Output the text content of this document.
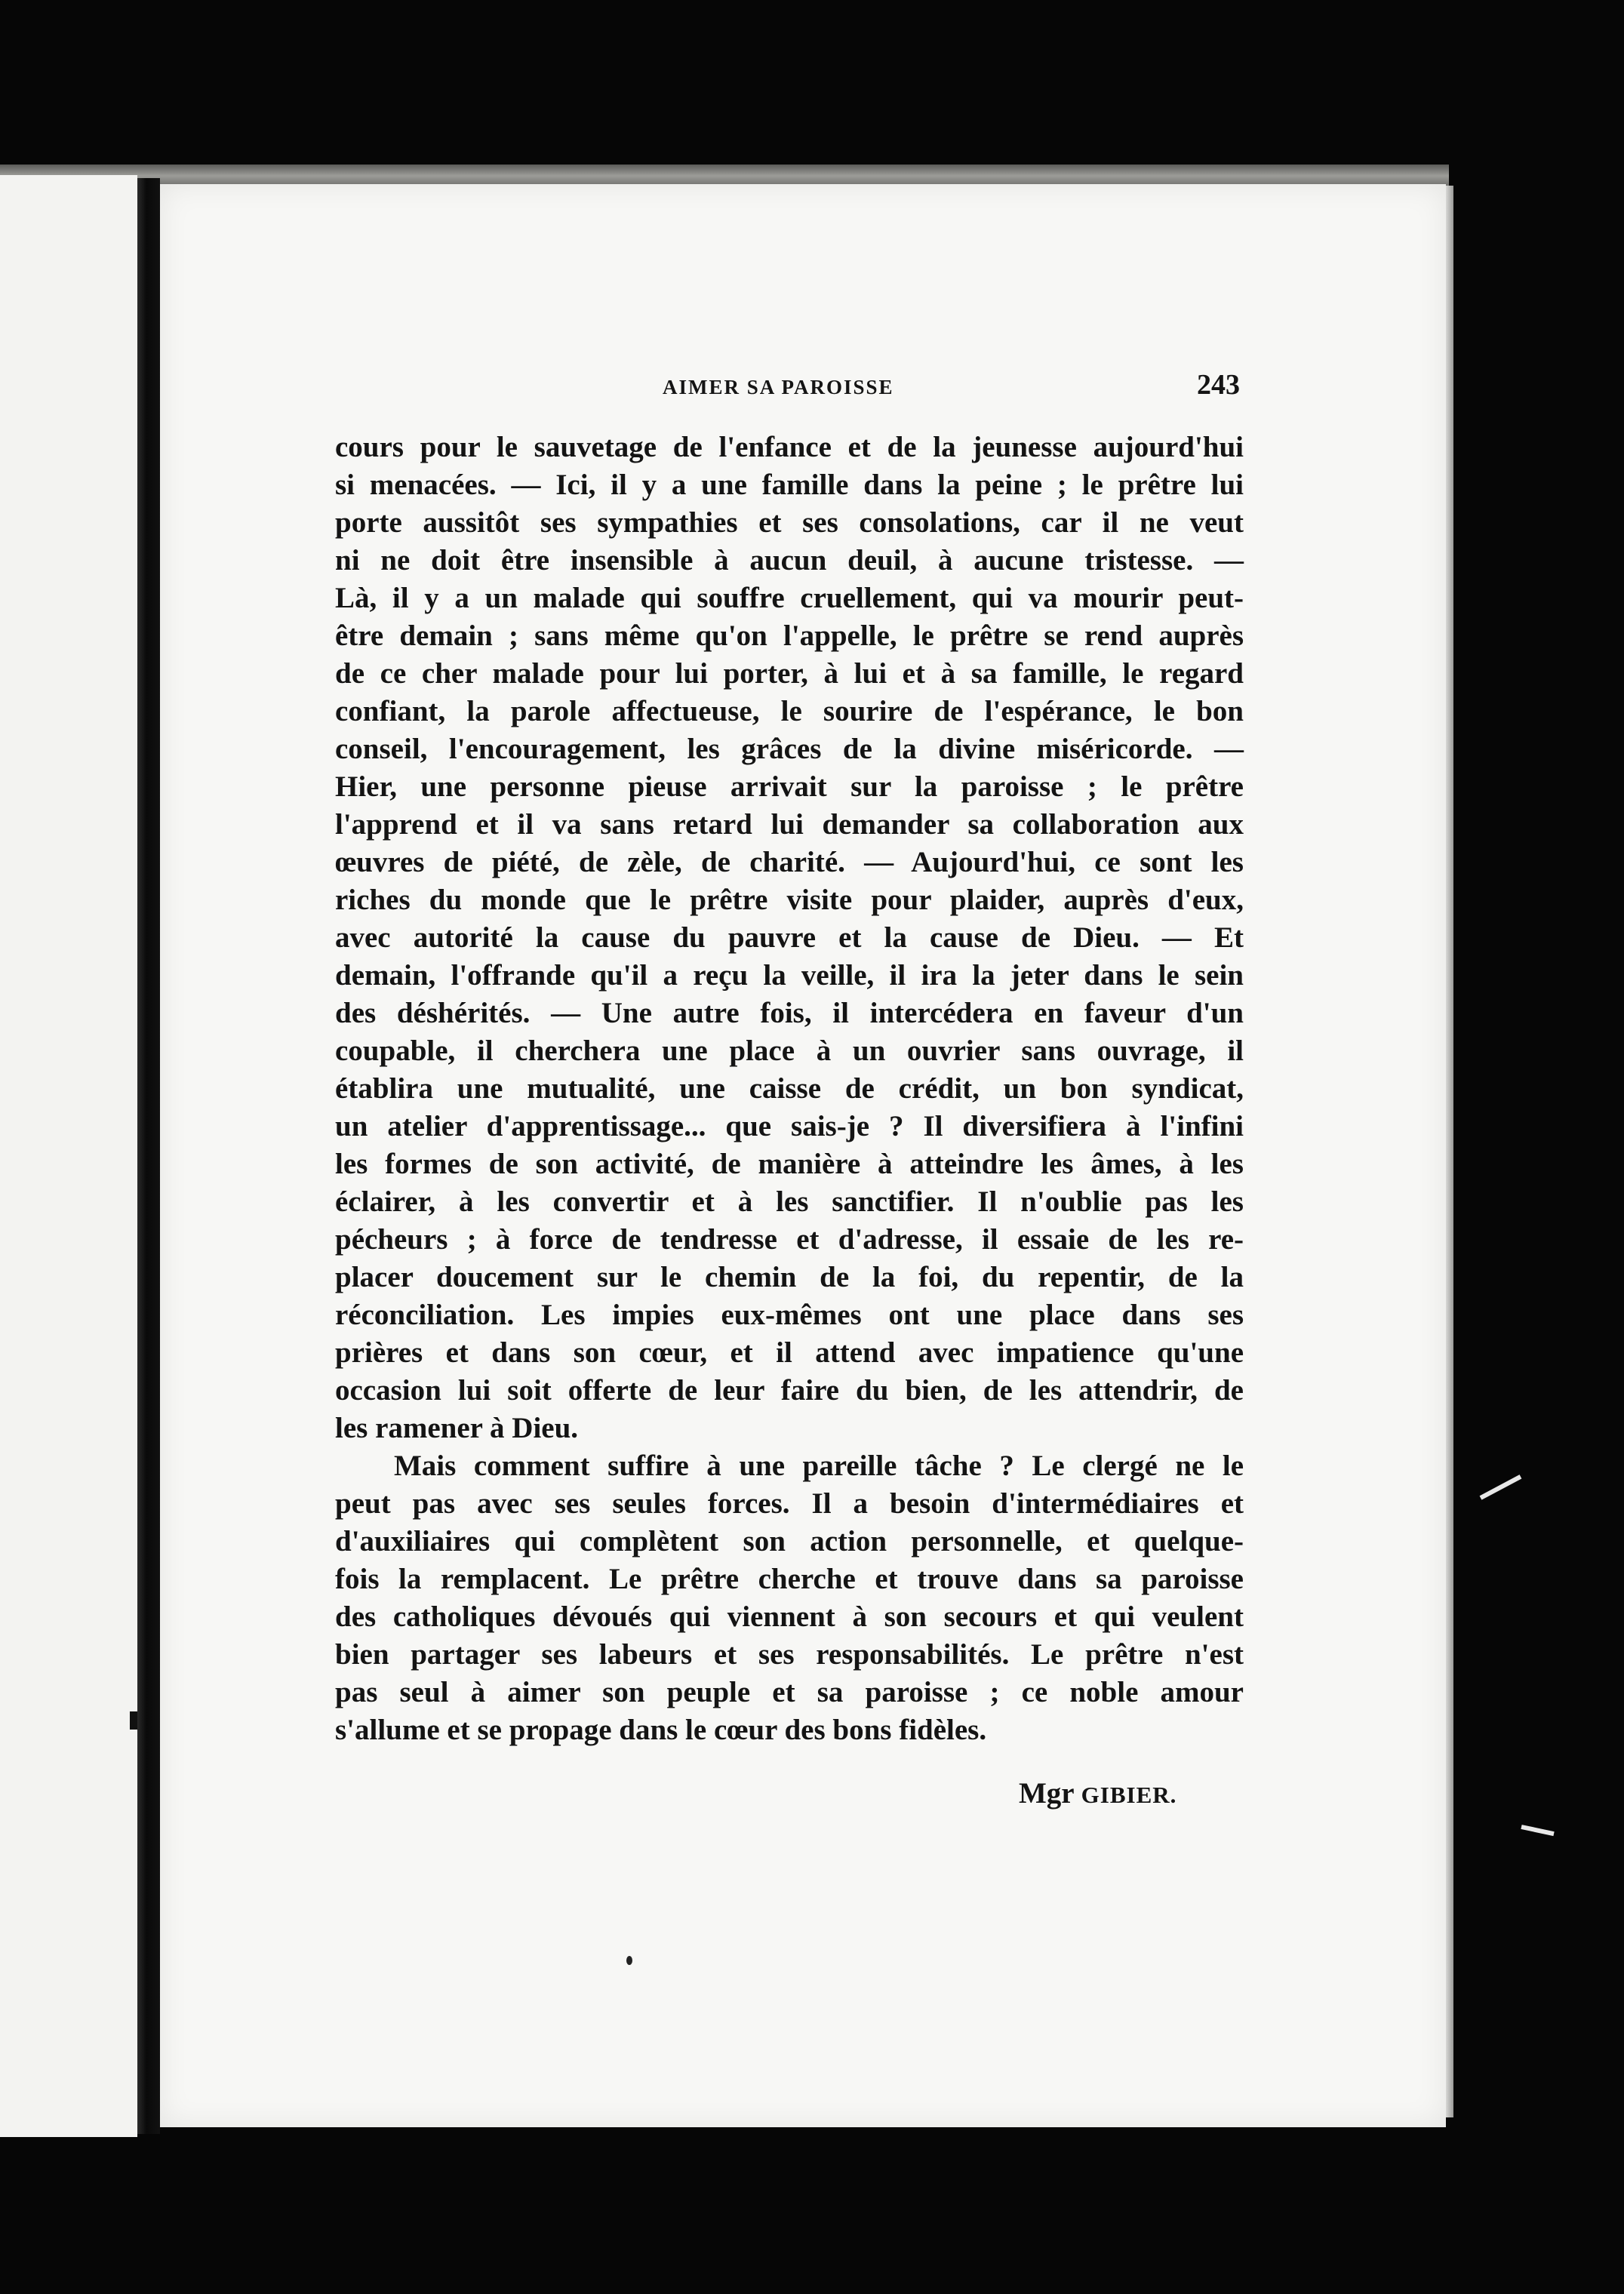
AIMER SA PAROISSE	243

cours pour le sauvetage de l'enfance et de la jeunesse aujourd'hui
si menacées. — Ici, il y a une famille dans la peine ; le prêtre lui
porte aussitôt ses sympathies et ses consolations, car il ne veut
ni ne doit être insensible à aucun deuil, à aucune tristesse. —
Là, il y a un malade qui souffre cruellement, qui va mourir peut-
être demain ; sans même qu'on l'appelle, le prêtre se rend auprès
de ce cher malade pour lui porter, à lui et à sa famille, le regard
confiant, la parole affectueuse, le sourire de l'espérance, le bon
conseil, l'encouragement, les grâces de la divine miséricorde. —
Hier, une personne pieuse arrivait sur la paroisse ; le prêtre
l'apprend et il va sans retard lui demander sa collaboration aux
œuvres de piété, de zèle, de charité. — Aujourd'hui, ce sont les
riches du monde que le prêtre visite pour plaider, auprès d'eux,
avec autorité la cause du pauvre et la cause de Dieu. — Et
demain, l'offrande qu'il a reçu la veille, il ira la jeter dans le sein
des déshérités. — Une autre fois, il intercédera en faveur d'un
coupable, il cherchera une place à un ouvrier sans ouvrage, il
établira une mutualité, une caisse de crédit, un bon syndicat,
un atelier d'apprentissage... que sais-je ? Il diversifiera à l'infini
les formes de son activité, de manière à atteindre les âmes, à les
éclairer, à les convertir et à les sanctifier. Il n'oublie pas les
pécheurs ; à force de tendresse et d'adresse, il essaie de les re-
placer doucement sur le chemin de la foi, du repentir, de la
réconciliation. Les impies eux-mêmes ont une place dans ses
prières et dans son cœur, et il attend avec impatience qu'une
occasion lui soit offerte de leur faire du bien, de les attendrir, de
les ramener à Dieu.

Mais comment suffire à une pareille tâche ? Le clergé ne le
peut pas avec ses seules forces. Il a besoin d'intermédiaires et
d'auxiliaires qui complètent son action personnelle, et quelque-
fois la remplacent. Le prêtre cherche et trouve dans sa paroisse
des catholiques dévoués qui viennent à son secours et qui veulent
bien partager ses labeurs et ses responsabilités. Le prêtre n'est
pas seul à aimer son peuple et sa paroisse ; ce noble amour
s'allume et se propage dans le cœur des bons fidèles.

Mgr GIBIER.
